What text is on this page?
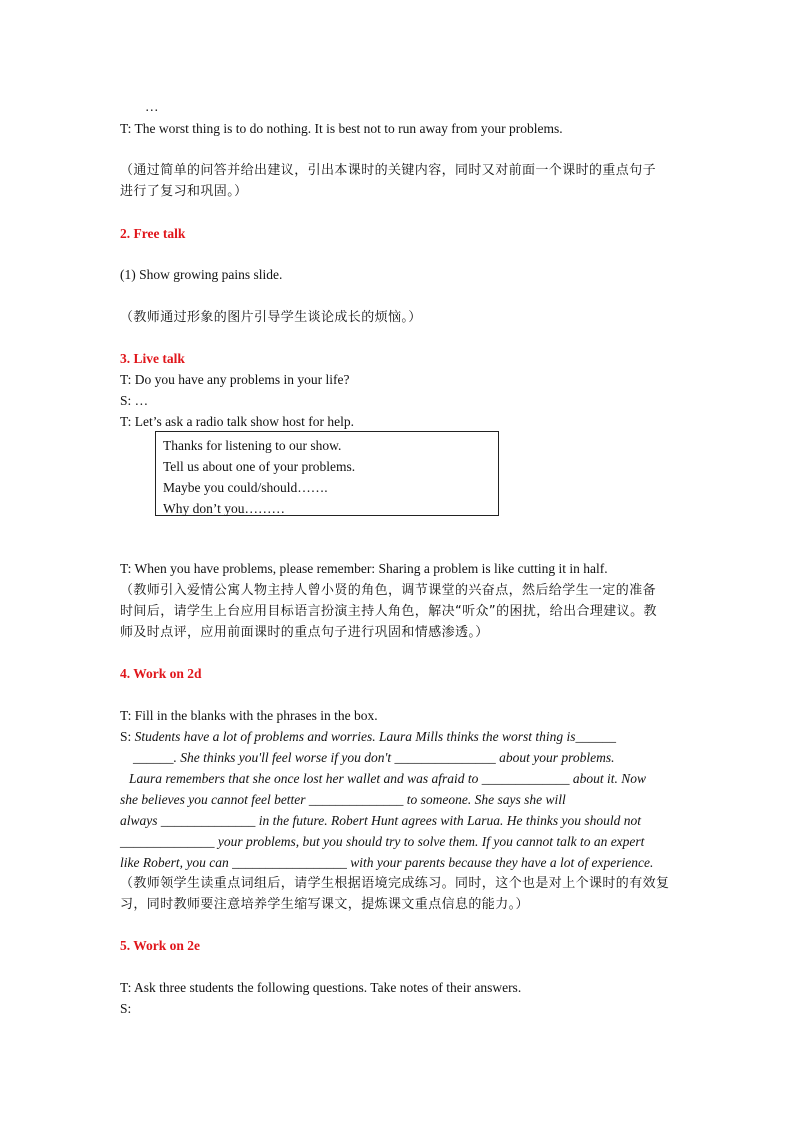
…
T: The worst thing is to do nothing. It is best not to run away from your problems.
（通过简单的问答并给出建议，引出本课时的关键内容，同时又对前面一个课时的重点句子
进行了复习和巩固。）
2. Free talk
(1) Show growing pains slide.
（教师通过形象的图片引导学生谈论成长的烦恼。）
3. Live talk
T: Do you have any problems in your life?
S: …
T: Let’s ask a radio talk show host for help.
Thanks for listening to our show.
Tell us about one of your problems.
Maybe you could/should…….
Why don’t you………
T: When you have problems, please remember: Sharing a problem is like cutting it in half.
（教师引入爱情公寓人物主持人曾小贤的角色，调节课堂的兴奋点，然后给学生一定的准备
时间后，请学生上台应用目标语言扮演主持人角色，解决“听众”的困扰，给出合理建议。教
师及时点评，应用前面课时的重点句子进行巩固和情感渗透。）
4. Work on 2d
T: Fill in the blanks with the phrases in the box.
S: Students have a lot of problems and worries. Laura Mills thinks the worst thing is______
______. She thinks you'll feel worse if you don't _______________ about your problems.
Laura remembers that she once lost her wallet and was afraid to _____________ about it. Now
she believes you cannot feel better ______________ to someone. She says she will
always ______________ in the future. Robert Hunt agrees with Larua. He thinks you should not
______________ your problems, but you should try to solve them. If you cannot talk to an expert
like Robert, you can _________________ with your parents because they have a lot of experience.
（教师领学生读重点词组后，请学生根据语境完成练习。同时，这个也是对上个课时的有效复
习，同时教师要注意培养学生缩写课文，提炼课文重点信息的能力。）
5. Work on 2e
T: Ask three students the following questions. Take notes of their answers.
S:
